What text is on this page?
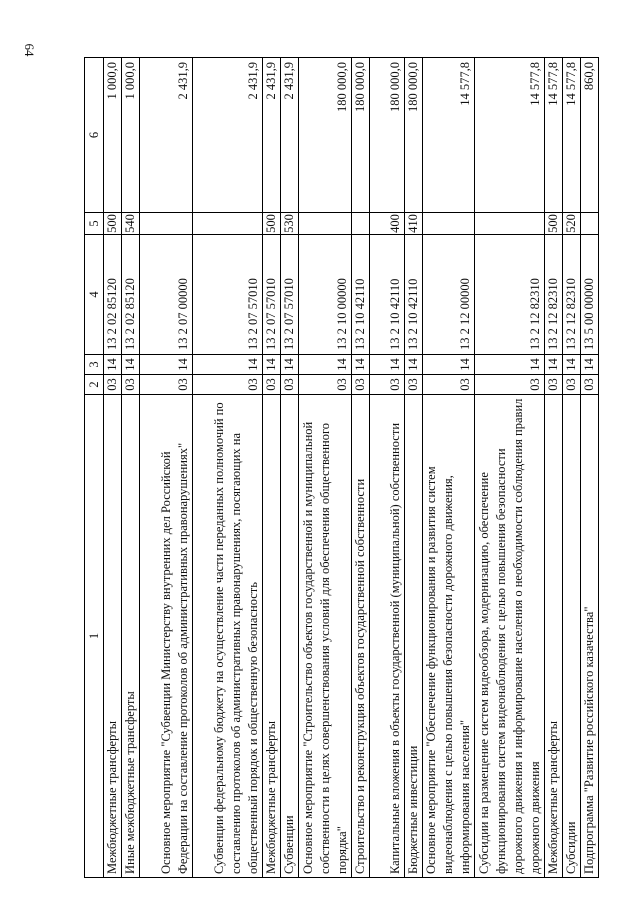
64
1	2	3	4	5	6
Межбюджетные трансферты	03	14	13 2 02 85120	500	1 000,0
Иные межбюджетные трансферты	03	14	13 2 02 85120	540	1 000,0
Основное мероприятие "Субвенции Министерству внутренних дел Российской Федерации на составление протоколов об административных правонарушениях"	03	14	13 2 07 00000		2 431,9
Субвенции федеральному бюджету на осуществление части переданных полномочий по составлению протоколов об административных правонарушениях, посягающих на общественный порядок и общественную безопасность	03	14	13 2 07 57010		2 431,9
Межбюджетные трансферты	03	14	13 2 07 57010	500	2 431,9
Субвенции	03	14	13 2 07 57010	530	2 431,9
Основное мероприятие "Строительство объектов государственной и муниципальной собственности в целях совершенствования условий для обеспечения общественного порядка"	03	14	13 2 10 00000		180 000,0
Строительство и реконструкция объектов государственной собственности	03	14	13 2 10 42110		180 000,0
Капитальные вложения в объекты государственной (муниципальной) собственности	03	14	13 2 10 42110	400	180 000,0
Бюджетные инвестиции	03	14	13 2 10 42110	410	180 000,0
Основное мероприятие "Обеспечение функционирования и развития систем видеонаблюдения с целью повышения безопасности дорожного движения, информирования населения"	03	14	13 2 12 00000		14 577,8
Субсидии на размещение систем видеообзора, модернизацию, обеспечение функционирования систем видеонаблюдения с целью повышения безопасности дорожного движения и информирование населения о необходимости соблюдения правил дорожного движения	03	14	13 2 12 82310		14 577,8
Межбюджетные трансферты	03	14	13 2 12 82310	500	14 577,8
Субсидии	03	14	13 2 12 82310	520	14 577,8
Подпрограмма "Развитие российского казачества"	03	14	13 5 00 00000		860,0
